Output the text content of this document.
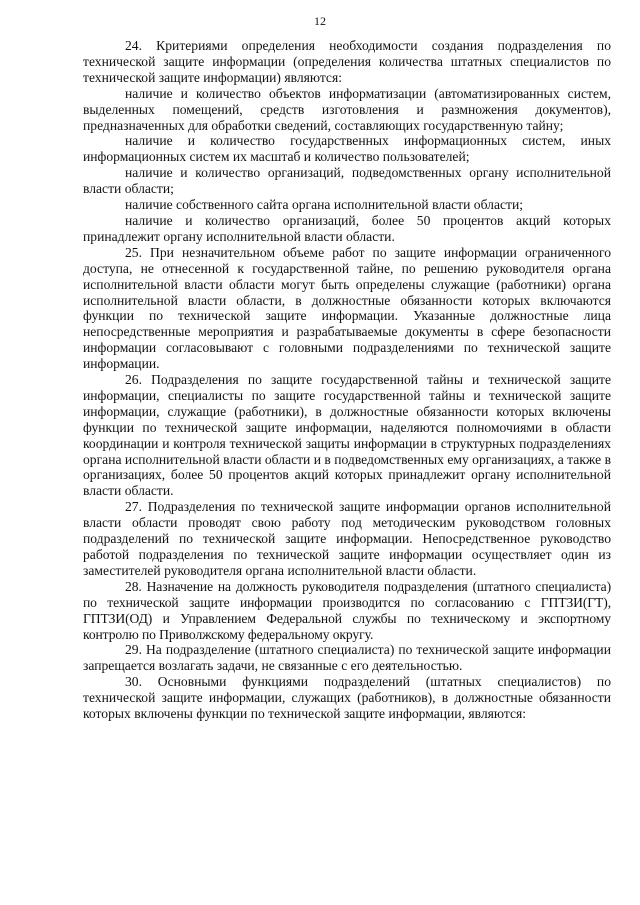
12

24. Критериями определения необходимости создания подразделения по технической защите информации (определения количества штатных специалистов по технической защите информации) являются:

наличие и количество объектов информатизации (автоматизированных систем, выделенных помещений, средств изготовления и размножения документов), предназначенных для обработки сведений, составляющих государственную тайну;

наличие и количество государственных информационных систем, иных информационных систем их масштаб и количество пользователей;

наличие и количество организаций, подведомственных органу исполнительной власти области;

наличие собственного сайта органа исполнительной власти области;

наличие и количество организаций, более 50 процентов акций которых принадлежит органу исполнительной власти области.

25. При незначительном объеме работ по защите информации ограниченного доступа, не отнесенной к государственной тайне, по решению руководителя органа исполнительной власти области могут быть определены служащие (работники) органа исполнительной власти области, в должностные обязанности которых включаются функции по технической защите информации. Указанные должностные лица непосредственные мероприятия и разрабатываемые документы в сфере безопасности информации согласовывают с головными подразделениями по технической защите информации.

26. Подразделения по защите государственной тайны и технической защите информации, специалисты по защите государственной тайны и технической защите информации, служащие (работники), в должностные обязанности которых включены функции по технической защите информации, наделяются полномочиями в области координации и контроля технической защиты информации в структурных подразделениях органа исполнительной власти области и в подведомственных ему организациях, а также в организациях, более 50 процентов акций которых принадлежит органу исполнительной власти области.

27. Подразделения по технической защите информации органов исполнительной власти области проводят свою работу под методическим руководством головных подразделений по технической защите информации. Непосредственное руководство работой подразделения по технической защите информации осуществляет один из заместителей руководителя органа исполнительной власти области.

28. Назначение на должность руководителя подразделения (штатного специалиста) по технической защите информации производится по согласованию с ГПТЗИ(ГТ), ГПТЗИ(ОД) и Управлением Федеральной службы по техническому и экспортному контролю по Приволжскому федеральному округу.

29. На подразделение (штатного специалиста) по технической защите информации запрещается возлагать задачи, не связанные с его деятельностью.

30. Основными функциями подразделений (штатных специалистов) по технической защите информации, служащих (работников), в должностные обязанности которых включены функции по технической защите информации, являются:
